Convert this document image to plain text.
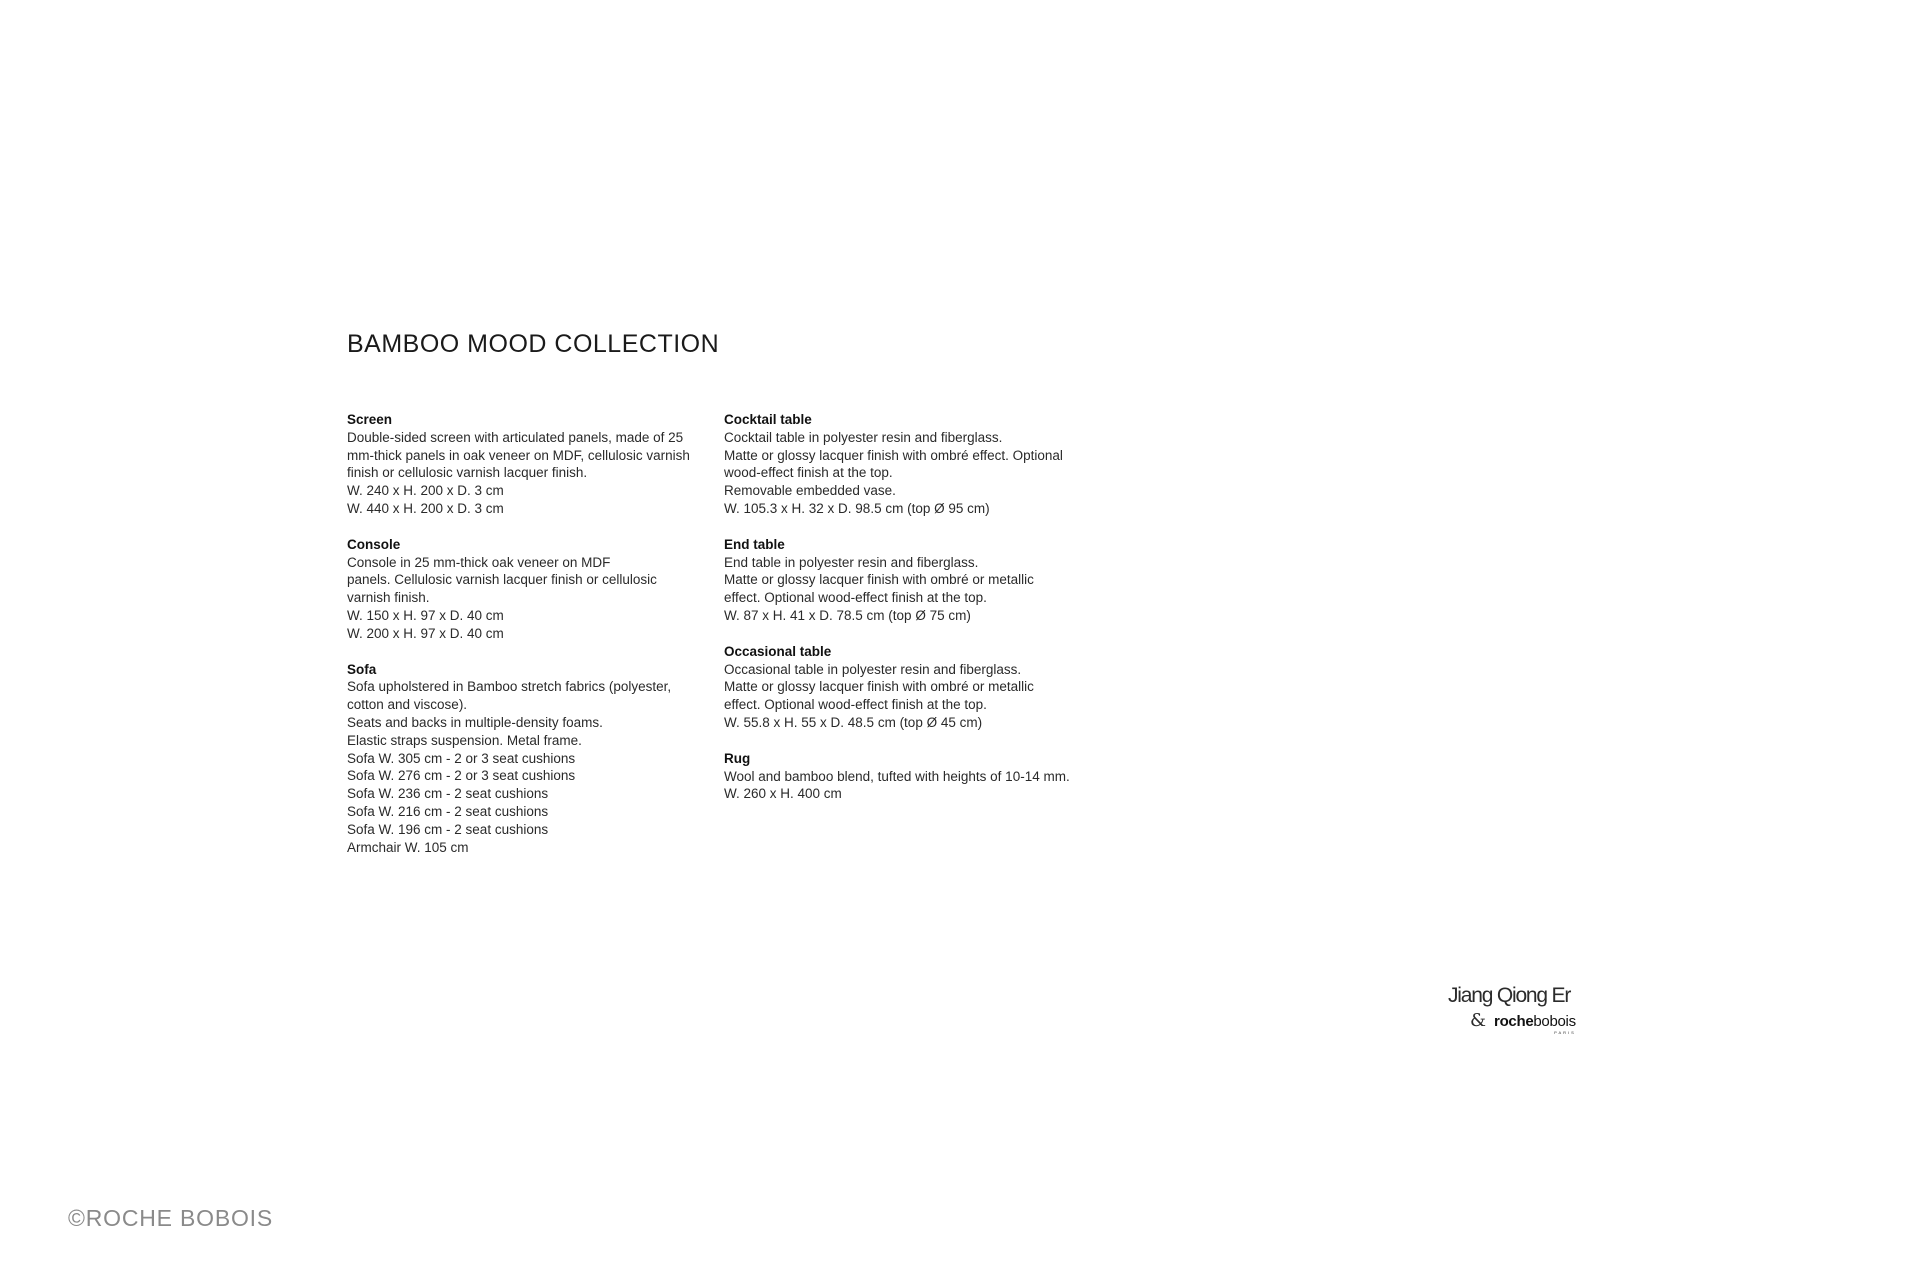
BAMBOO MOOD COLLECTION
Screen
Double-sided screen with articulated panels, made of 25
mm-thick panels in oak veneer on MDF, cellulosic varnish
finish or cellulosic varnish lacquer finish.
W. 240 x H. 200 x D. 3 cm
W. 440 x H. 200 x D. 3 cm
Console
Console in 25 mm-thick oak veneer on MDF
panels. Cellulosic varnish lacquer finish or cellulosic
varnish finish.
W. 150 x H. 97 x D. 40 cm
W. 200 x H. 97 x D. 40 cm
Sofa
Sofa upholstered in Bamboo stretch fabrics (polyester,
cotton and viscose).
Seats and backs in multiple-density foams.
Elastic straps suspension. Metal frame.
Sofa W. 305 cm - 2 or 3 seat cushions
Sofa W. 276 cm - 2 or 3 seat cushions
Sofa W. 236 cm - 2 seat cushions
Sofa W. 216 cm - 2 seat cushions
Sofa W. 196 cm - 2 seat cushions
Armchair W. 105 cm
Cocktail table
Cocktail table in polyester resin and fiberglass.
Matte or glossy lacquer finish with ombré effect. Optional
wood-effect finish at the top.
Removable embedded vase.
W. 105.3 x H. 32 x D. 98.5 cm (top Ø 95 cm)
End table
End table in polyester resin and fiberglass.
Matte or glossy lacquer finish with ombré or metallic
effect. Optional wood-effect finish at the top.
W. 87 x H. 41 x D. 78.5 cm (top Ø 75 cm)
Occasional table
Occasional table in polyester resin and fiberglass.
Matte or glossy lacquer finish with ombré or metallic
effect. Optional wood-effect finish at the top.
W. 55.8 x H. 55 x D. 48.5 cm (top Ø 45 cm)
Rug
Wool and bamboo blend, tufted with heights of 10-14 mm.
W. 260 x H. 400 cm
Jiang Qiong Er
& rochebobois
PARIS
©ROCHE BOBOIS
